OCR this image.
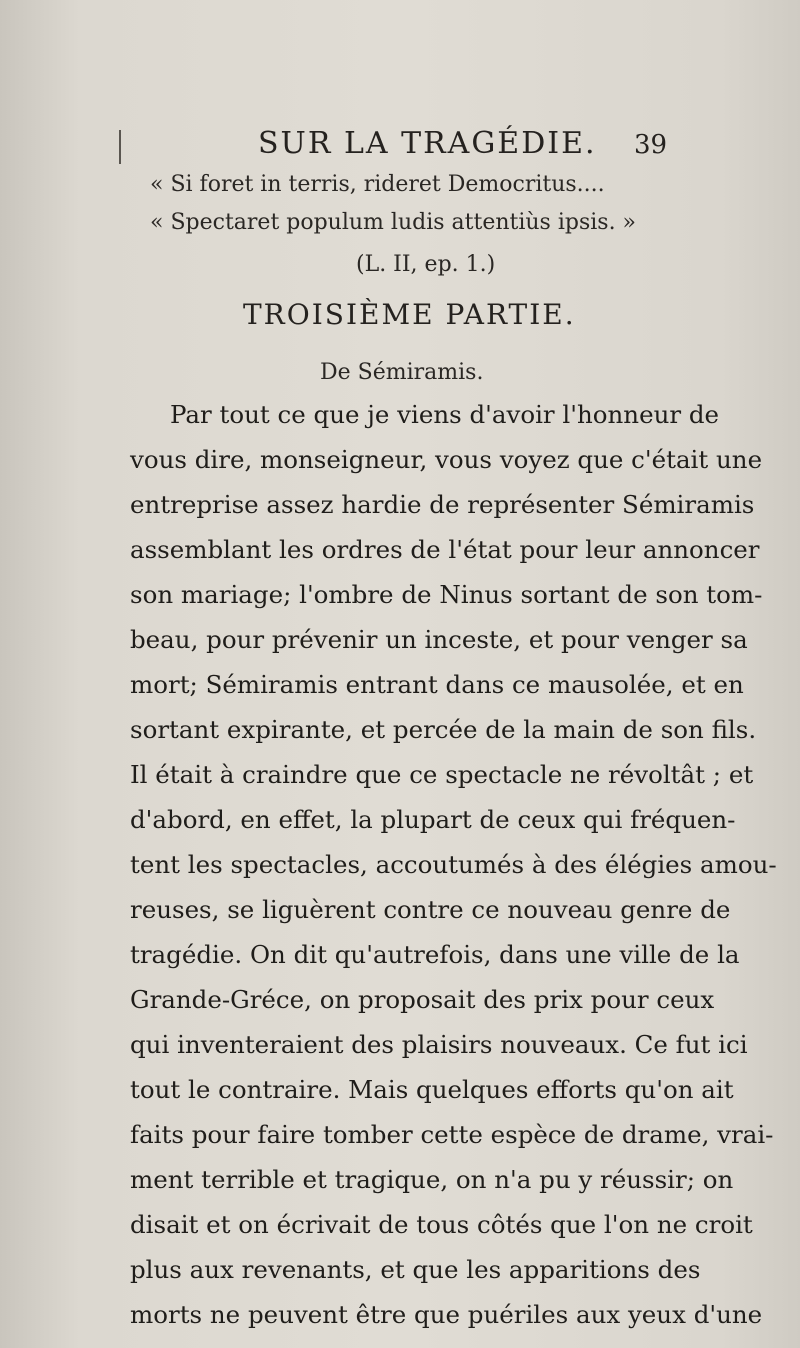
SUR LA TRAGÉDIE. 39
« Si foret in terris, rideret Democritus....
« Spectaret populum ludis attentiùs ipsis. »
(L. II, ep. 1.)
TROISIÈME PARTIE.
De Sémiramis.
Par tout ce que je viens d'avoir l'honneur de
vous dire, monseigneur, vous voyez que c'était une
entreprise assez hardie de représenter Sémiramis
assemblant les ordres de l'état pour leur annoncer
son mariage; l'ombre de Ninus sortant de son tom-
beau, pour prévenir un inceste, et pour venger sa
mort; Sémiramis entrant dans ce mausolée, et en
sortant expirante, et percée de la main de son fils.
Il était à craindre que ce spectacle ne révoltât ; et
d'abord, en effet, la plupart de ceux qui fréquen-
tent les spectacles, accoutumés à des élégies amou-
reuses, se liguèrent contre ce nouveau genre de
tragédie. On dit qu'autrefois, dans une ville de la
Grande-Gréce, on proposait des prix pour ceux
qui inventeraient des plaisirs nouveaux. Ce fut ici
tout le contraire. Mais quelques efforts qu'on ait
faits pour faire tomber cette espèce de drame, vrai-
ment terrible et tragique, on n'a pu y réussir; on
disait et on écrivait de tous côtés que l'on ne croit
plus aux revenants, et que les apparitions des
morts ne peuvent être que puériles aux yeux d'une
